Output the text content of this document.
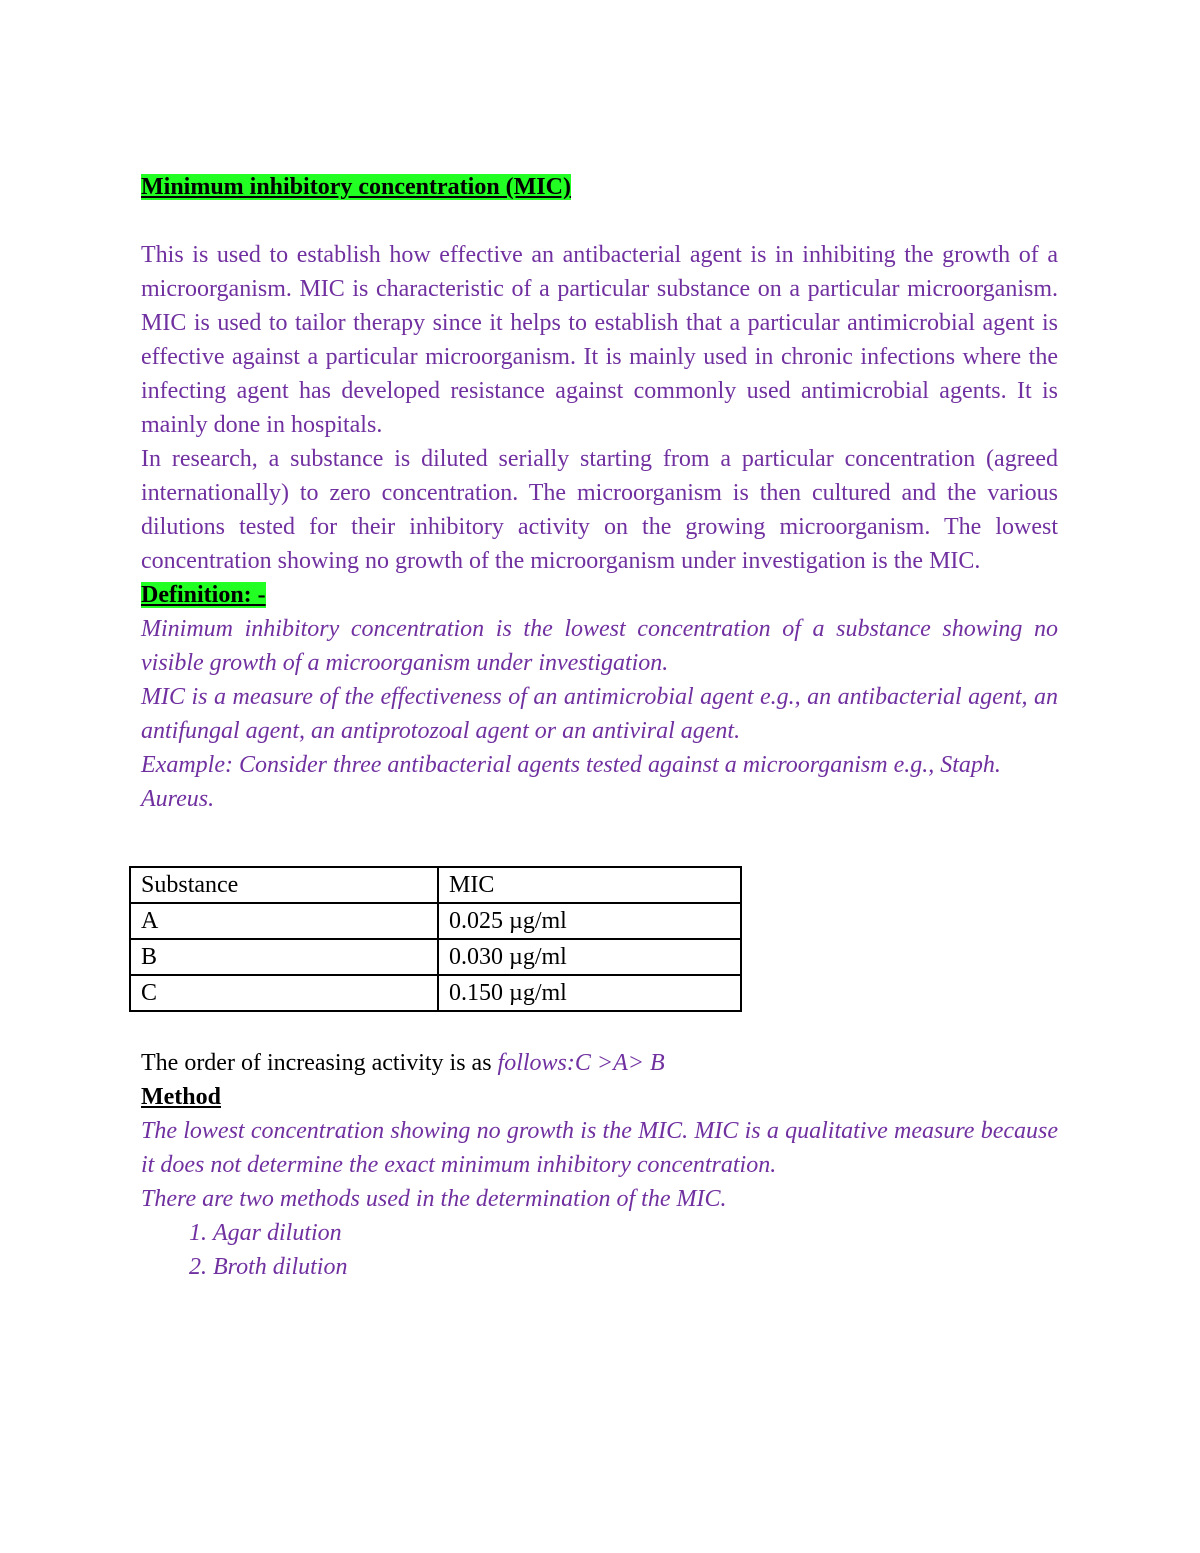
Minimum inhibitory concentration (MIC)

This is used to establish how effective an antibacterial agent is in inhibiting the growth of a microorganism. MIC is characteristic of a particular substance on a particular microorganism. MIC is used to tailor therapy since it helps to establish that a particular antimicrobial agent is effective against a particular microorganism. It is mainly used in chronic infections where the infecting agent has developed resistance against commonly used antimicrobial agents. It is mainly done in hospitals.

In research, a substance is diluted serially starting from a particular concentration (agreed internationally) to zero concentration. The microorganism is then cultured and the various dilutions tested for their inhibitory activity on the growing microorganism. The lowest concentration showing no growth of the microorganism under investigation is the MIC.

Definition: -

Minimum inhibitory concentration is the lowest concentration of a substance showing no visible growth of a microorganism under investigation.

MIC is a measure of the effectiveness of an antimicrobial agent e.g., an antibacterial agent, an antifungal agent, an antiprotozoal agent or an antiviral agent.

Example: Consider three antibacterial agents tested against a microorganism e.g., Staph. Aureus.

Substance	MIC
A	0.025 µg/ml
B	0.030 µg/ml
C	0.150 µg/ml

The order of increasing activity is as follows:C >A> B

Method

The lowest concentration showing no growth is the MIC. MIC is a qualitative measure because it does not determine the exact minimum inhibitory concentration.

There are two methods used in the determination of the MIC.

1. Agar dilution
2. Broth dilution
